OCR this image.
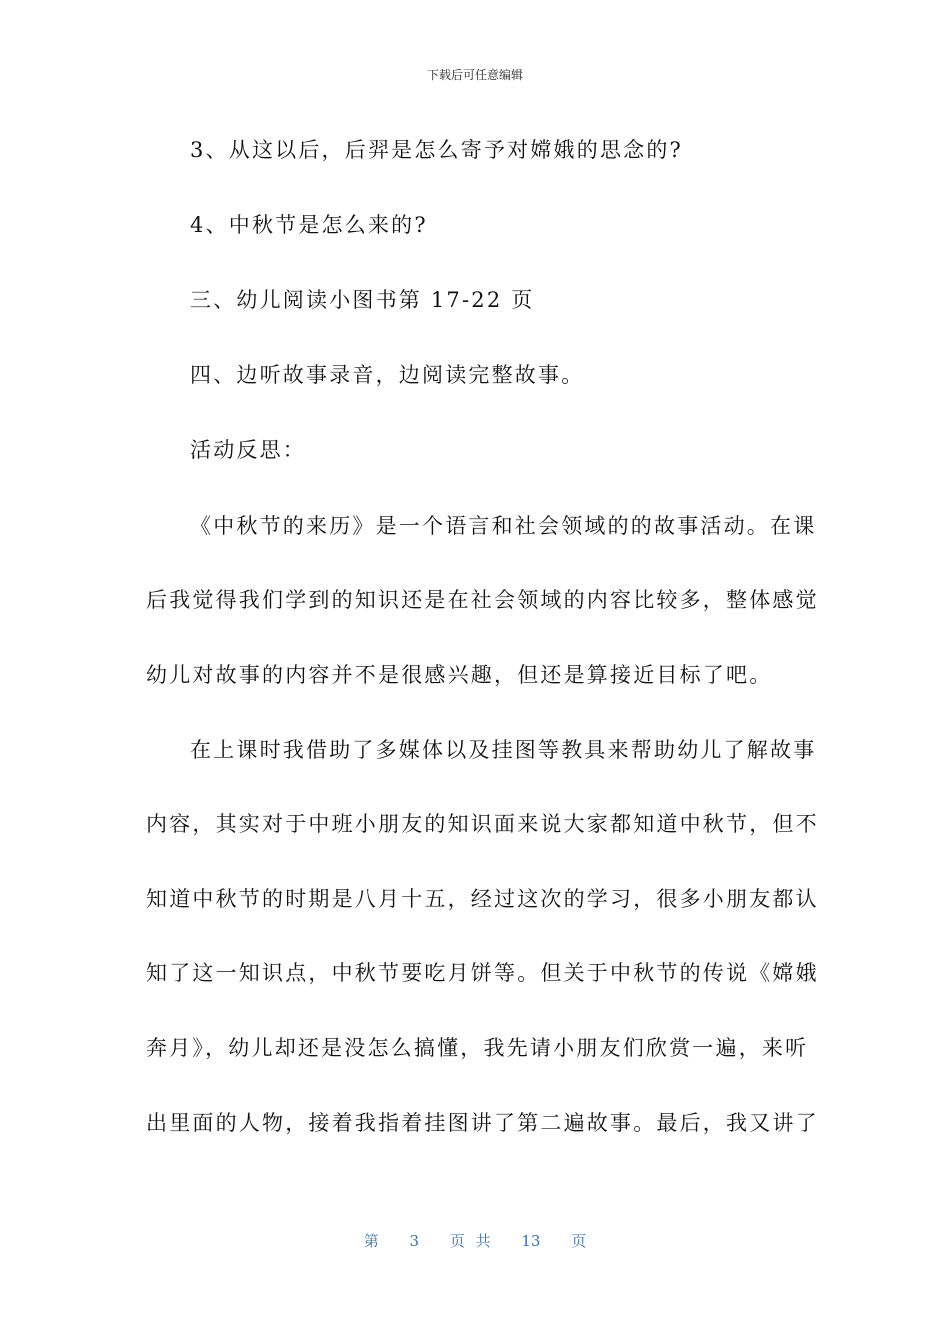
下载后可任意编辑
3、从这以后，后羿是怎么寄予对嫦娥的思念的?
4、中秋节是怎么来的?
三、幼儿阅读小图书第 17-22 页
四、边听故事录音，边阅读完整故事。
活动反思：
《中秋节的来历》是一个语言和社会领域的的故事活动。在课
后我觉得我们学到的知识还是在社会领域的内容比较多，整体感觉
幼儿对故事的内容并不是很感兴趣，但还是算接近目标了吧。
在上课时我借助了多媒体以及挂图等教具来帮助幼儿了解故事
内容，其实对于中班小朋友的知识面来说大家都知道中秋节，但不
知道中秋节的时期是八月十五，经过这次的学习，很多小朋友都认
知了这一知识点，中秋节要吃月饼等。但关于中秋节的传说《嫦娥
奔月》，幼儿却还是没怎么搞懂，我先请小朋友们欣赏一遍，来听
出里面的人物，接着我指着挂图讲了第二遍故事。最后，我又讲了
第 3 页 共 13 页
